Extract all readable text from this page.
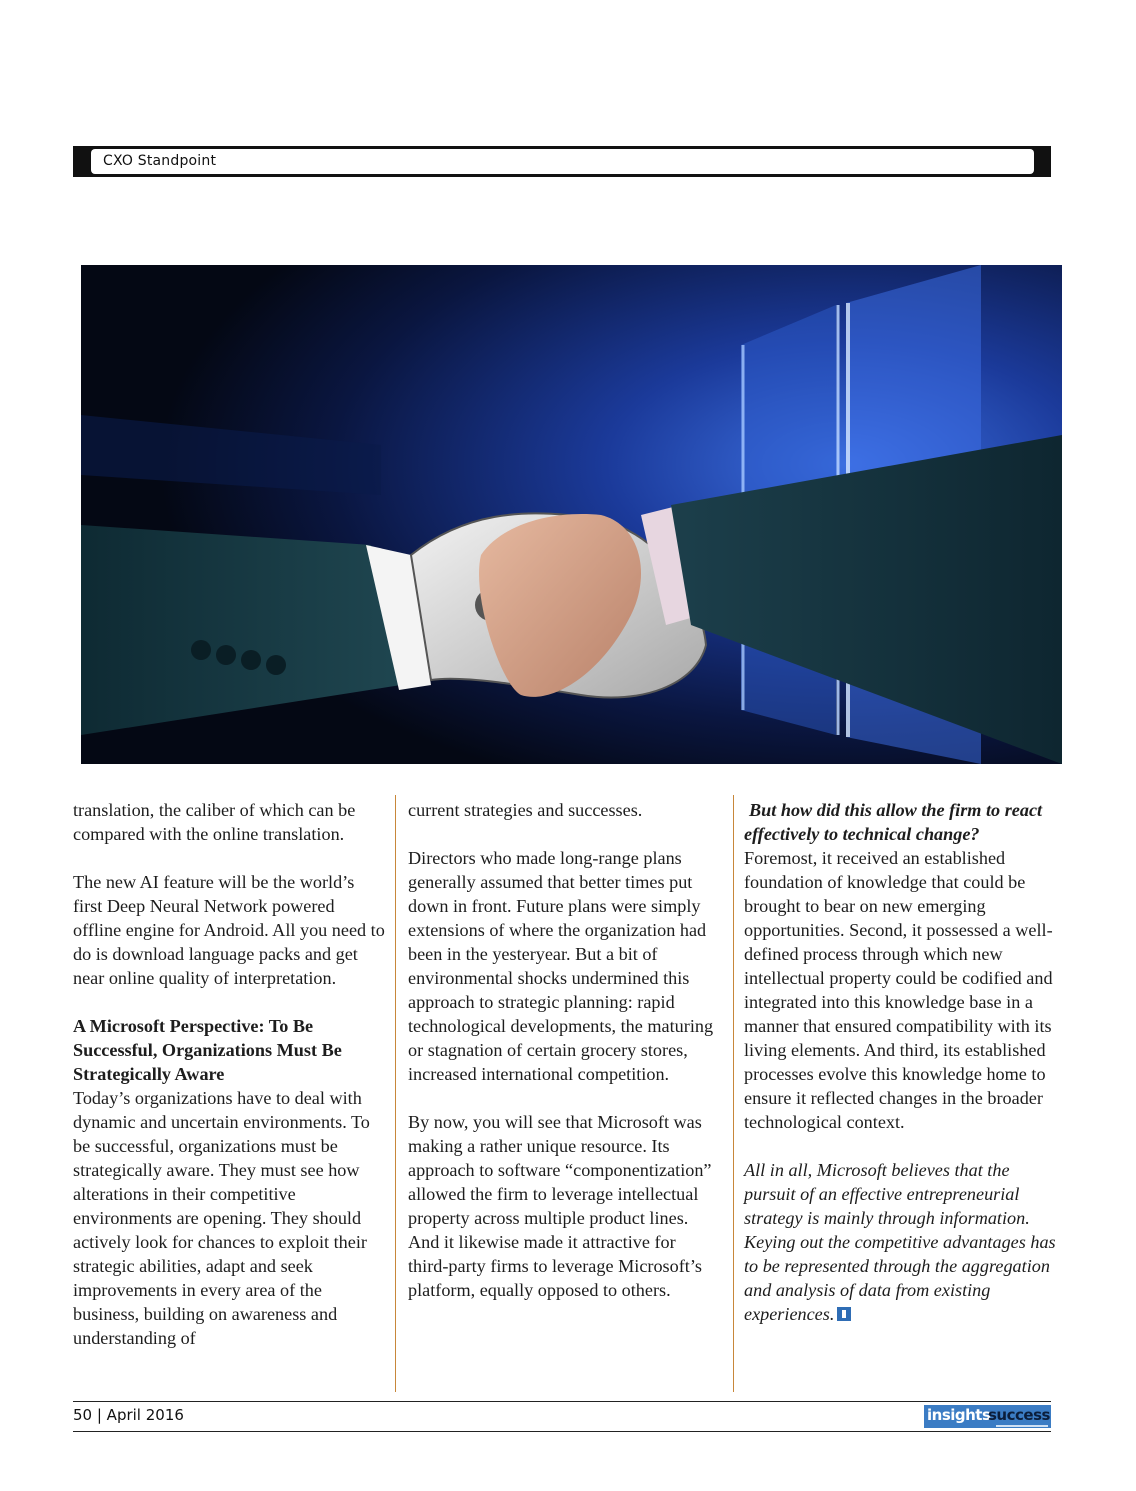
CXO Standpoint

translation, the caliber of which can be compared with the online translation.

The new AI feature will be the world’s first Deep Neural Network powered offline engine for Android. All you need to do is download language packs and get near online quality of interpretation.

A Microsoft Perspective: To Be Successful, Organizations Must Be Strategically Aware

Today’s organizations have to deal with dynamic and uncertain environments. To be successful, organizations must be strategically aware. They must see how alterations in their competitive environments are opening. They should actively look for chances to exploit their strategic abilities, adapt and seek improvements in every area of the business, building on awareness and understanding of

current strategies and successes.

Directors who made long-range plans generally assumed that better times put down in front. Future plans were simply extensions of where the organization had been in the yesteryear. But a bit of environmental shocks undermined this approach to strategic planning: rapid technological developments, the maturing or stagnation of certain grocery stores, increased international competition.

By now, you will see that Microsoft was making a rather unique resource. Its approach to software “componentization” allowed the firm to leverage intellectual property across multiple product lines. And it likewise made it attractive for third-party firms to leverage Microsoft’s platform, equally opposed to others.

But how did this allow the firm to react effectively to technical change?

Foremost, it received an established foundation of knowledge that could be brought to bear on new emerging opportunities. Second, it possessed a well-defined process through which new intellectual property could be codified and integrated into this knowledge base in a manner that ensured compatibility with its living elements. And third, its established processes evolve this knowledge home to ensure it reflected changes in the broader technological context.

All in all, Microsoft believes that the pursuit of an effective entrepreneurial strategy is mainly through information. Keying out the competitive advantages has to be represented through the aggregation and analysis of data from existing experiences.

50 | April 2016	insights
success
